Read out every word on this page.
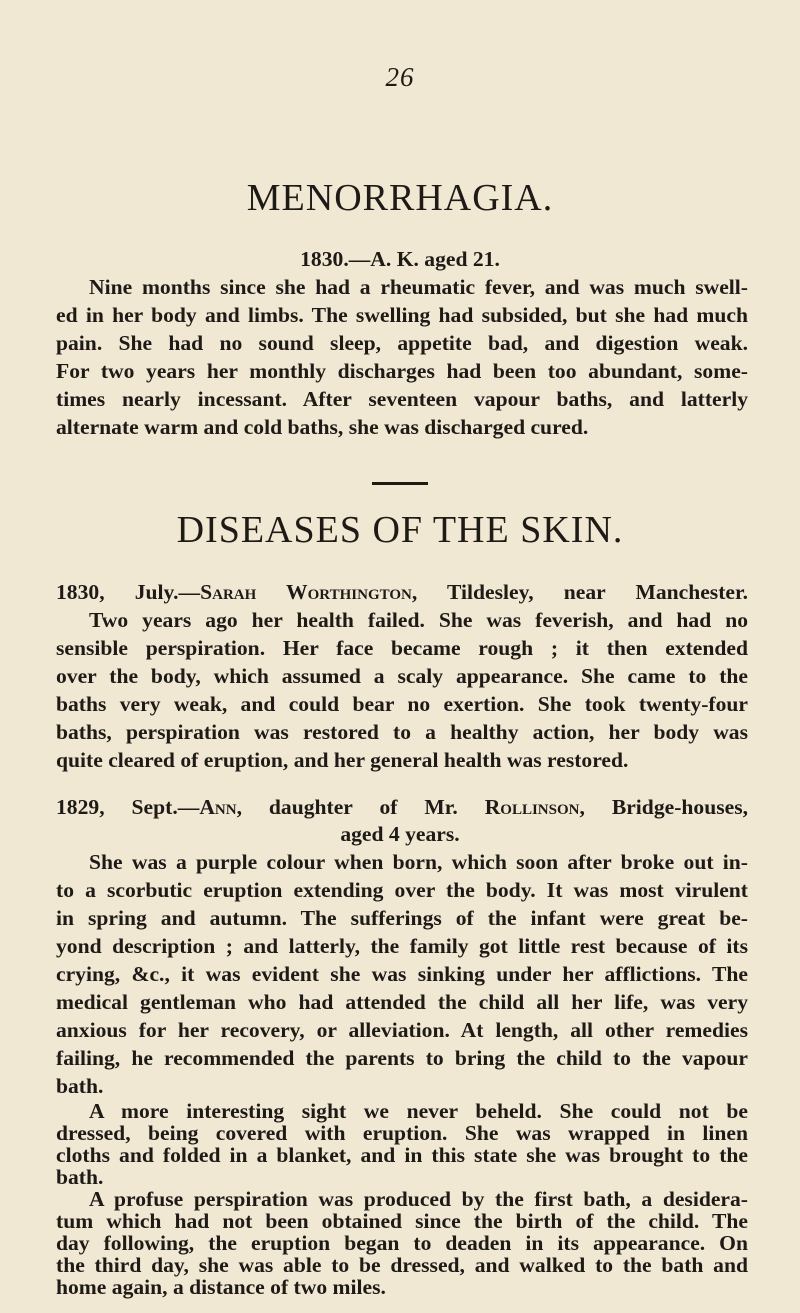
26
MENORRHAGIA.
1830.—A. K. aged 21.
Nine months since she had a rheumatic fever, and was much swell-
ed in her body and limbs. The swelling had subsided, but she had much
pain. She had no sound sleep, appetite bad, and digestion weak.
For two years her monthly discharges had been too abundant, some-
times nearly incessant. After seventeen vapour baths, and latterly
alternate warm and cold baths, she was discharged cured.
DISEASES OF THE SKIN.
1830, July.—Sarah Worthington, Tildesley, near Manchester.
Two years ago her health failed. She was feverish, and had no
sensible perspiration. Her face became rough ; it then extended
over the body, which assumed a scaly appearance. She came to the
baths very weak, and could bear no exertion. She took twenty-four
baths, perspiration was restored to a healthy action, her body was
quite cleared of eruption, and her general health was restored.
1829, Sept.—Ann, daughter of Mr. Rollinson, Bridge-houses,
aged 4 years.
She was a purple colour when born, which soon after broke out in-
to a scorbutic eruption extending over the body. It was most virulent
in spring and autumn. The sufferings of the infant were great be-
yond description ; and latterly, the family got little rest because of its
crying, &c., it was evident she was sinking under her afflictions. The
medical gentleman who had attended the child all her life, was very
anxious for her recovery, or alleviation. At length, all other remedies
failing, he recommended the parents to bring the child to the vapour
bath.
A more interesting sight we never beheld. She could not be
dressed, being covered with eruption. She was wrapped in linen
cloths and folded in a blanket, and in this state she was brought to the
bath.
A profuse perspiration was produced by the first bath, a desidera-
tum which had not been obtained since the birth of the child. The
day following, the eruption began to deaden in its appearance. On
the third day, she was able to be dressed, and walked to the bath and
home again, a distance of two miles.
